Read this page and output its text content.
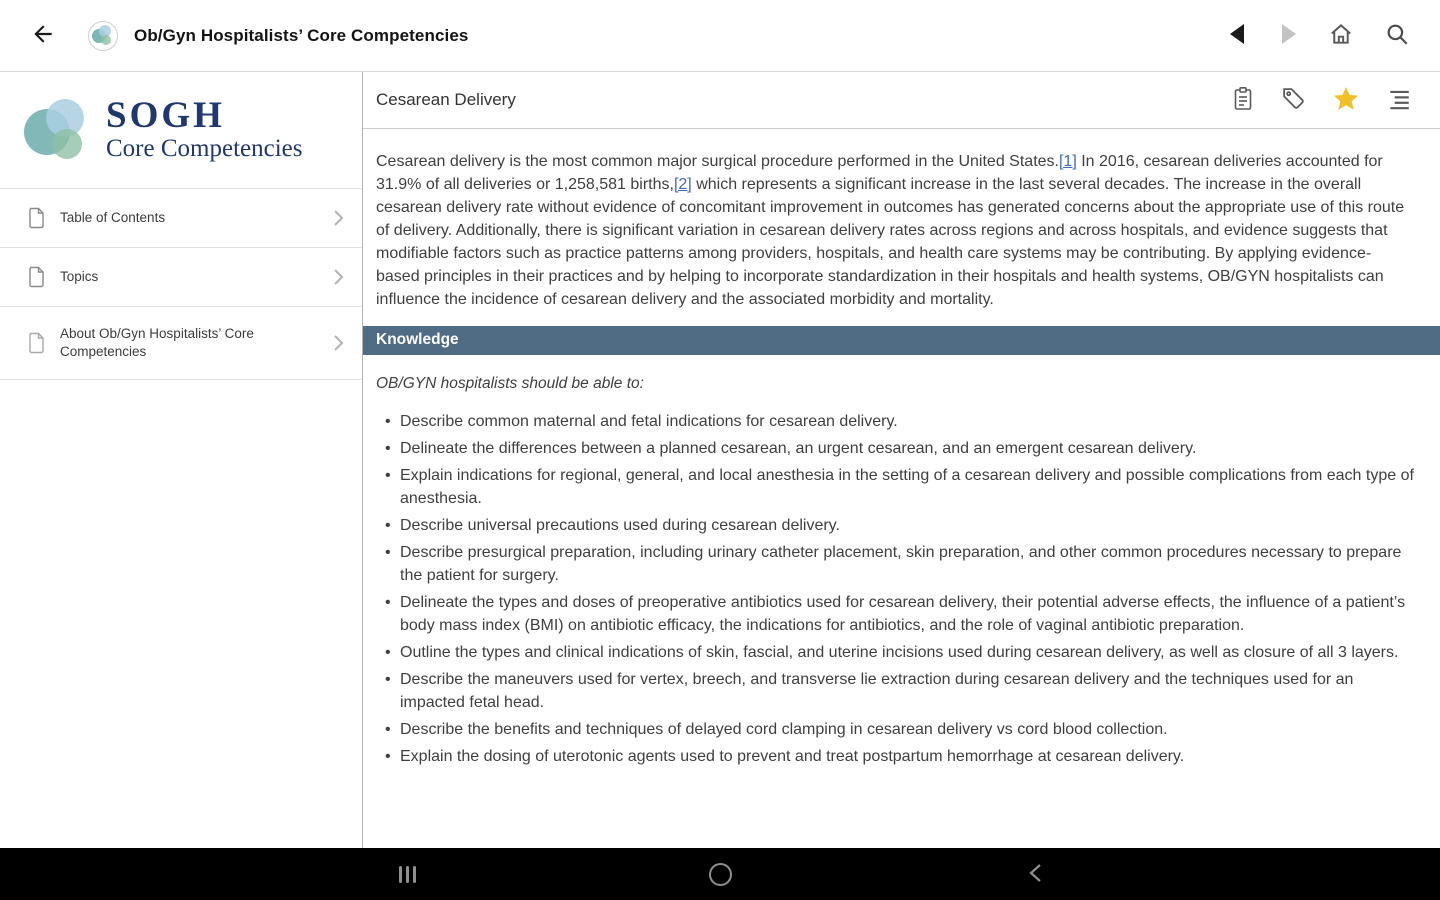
Ob/Gyn Hospitalists’ Core Competencies
SOGH
Core Competencies
Table of Contents
Topics
About Ob/Gyn Hospitalists’ Core Competencies
Cesarean Delivery

Cesarean delivery is the most common major surgical procedure performed in the United States.[1] In 2016, cesarean deliveries accounted for 31.9% of all deliveries or 1,258,581 births,[2] which represents a significant increase in the last several decades. The increase in the overall cesarean delivery rate without evidence of concomitant improvement in outcomes has generated concerns about the appropriate use of this route of delivery. Additionally, there is significant variation in cesarean delivery rates across regions and across hospitals, and evidence suggests that modifiable factors such as practice patterns among providers, hospitals, and health care systems may be contributing. By applying evidence-based principles in their practices and by helping to incorporate standardization in their hospitals and health systems, OB/GYN hospitalists can influence the incidence of cesarean delivery and the associated morbidity and mortality.

Knowledge

OB/GYN hospitalists should be able to:

• Describe common maternal and fetal indications for cesarean delivery.
• Delineate the differences between a planned cesarean, an urgent cesarean, and an emergent cesarean delivery.
• Explain indications for regional, general, and local anesthesia in the setting of a cesarean delivery and possible complications from each type of anesthesia.
• Describe universal precautions used during cesarean delivery.
• Describe presurgical preparation, including urinary catheter placement, skin preparation, and other common procedures necessary to prepare the patient for surgery.
• Delineate the types and doses of preoperative antibiotics used for cesarean delivery, their potential adverse effects, the influence of a patient’s body mass index (BMI) on antibiotic efficacy, the indications for antibiotics, and the role of vaginal antibiotic preparation.
• Outline the types and clinical indications of skin, fascial, and uterine incisions used during cesarean delivery, as well as closure of all 3 layers.
• Describe the maneuvers used for vertex, breech, and transverse lie extraction during cesarean delivery and the techniques used for an impacted fetal head.
• Describe the benefits and techniques of delayed cord clamping in cesarean delivery vs cord blood collection.
• Explain the dosing of uterotonic agents used to prevent and treat postpartum hemorrhage at cesarean delivery.
